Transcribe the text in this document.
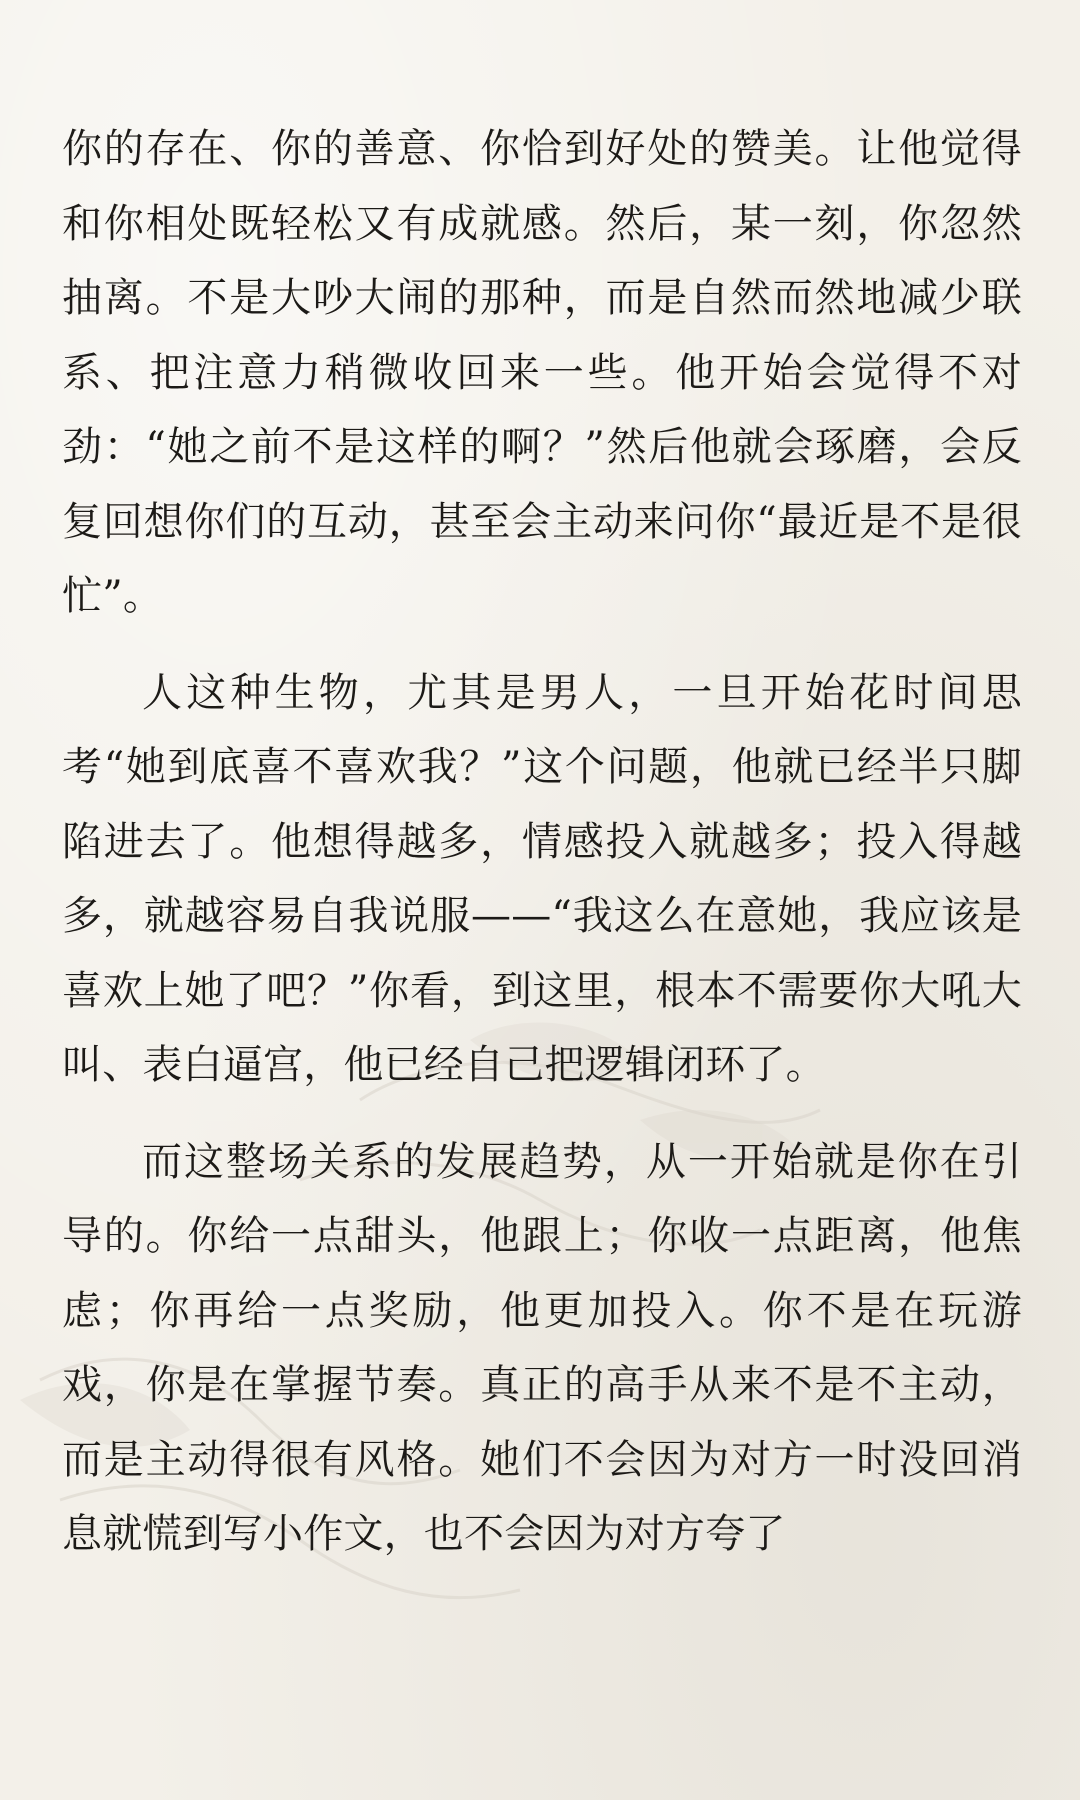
你的存在、你的善意、你恰到好处的赞美。让他觉得和你相处既轻松又有成就感。然后，某一刻，你忽然抽离。不是大吵大闹的那种，而是自然而然地减少联系、把注意力稍微收回来一些。他开始会觉得不对劲：“她之前不是这样的啊？”然后他就会琢磨，会反复回想你们的互动，甚至会主动来问你“最近是不是很忙”。

人这种生物，尤其是男人，一旦开始花时间思考“她到底喜不喜欢我？”这个问题，他就已经半只脚陷进去了。他想得越多，情感投入就越多；投入得越多，就越容易自我说服——“我这么在意她，我应该是喜欢上她了吧？”你看，到这里，根本不需要你大吼大叫、表白逼宫，他已经自己把逻辑闭环了。

而这整场关系的发展趋势，从一开始就是你在引导的。你给一点甜头，他跟上；你收一点距离，他焦虑；你再给一点奖励，他更加投入。你不是在玩游戏，你是在掌握节奏。真正的高手从来不是不主动，而是主动得很有风格。她们不会因为对方一时没回消息就慌到写小作文，也不会因为对方夸了
